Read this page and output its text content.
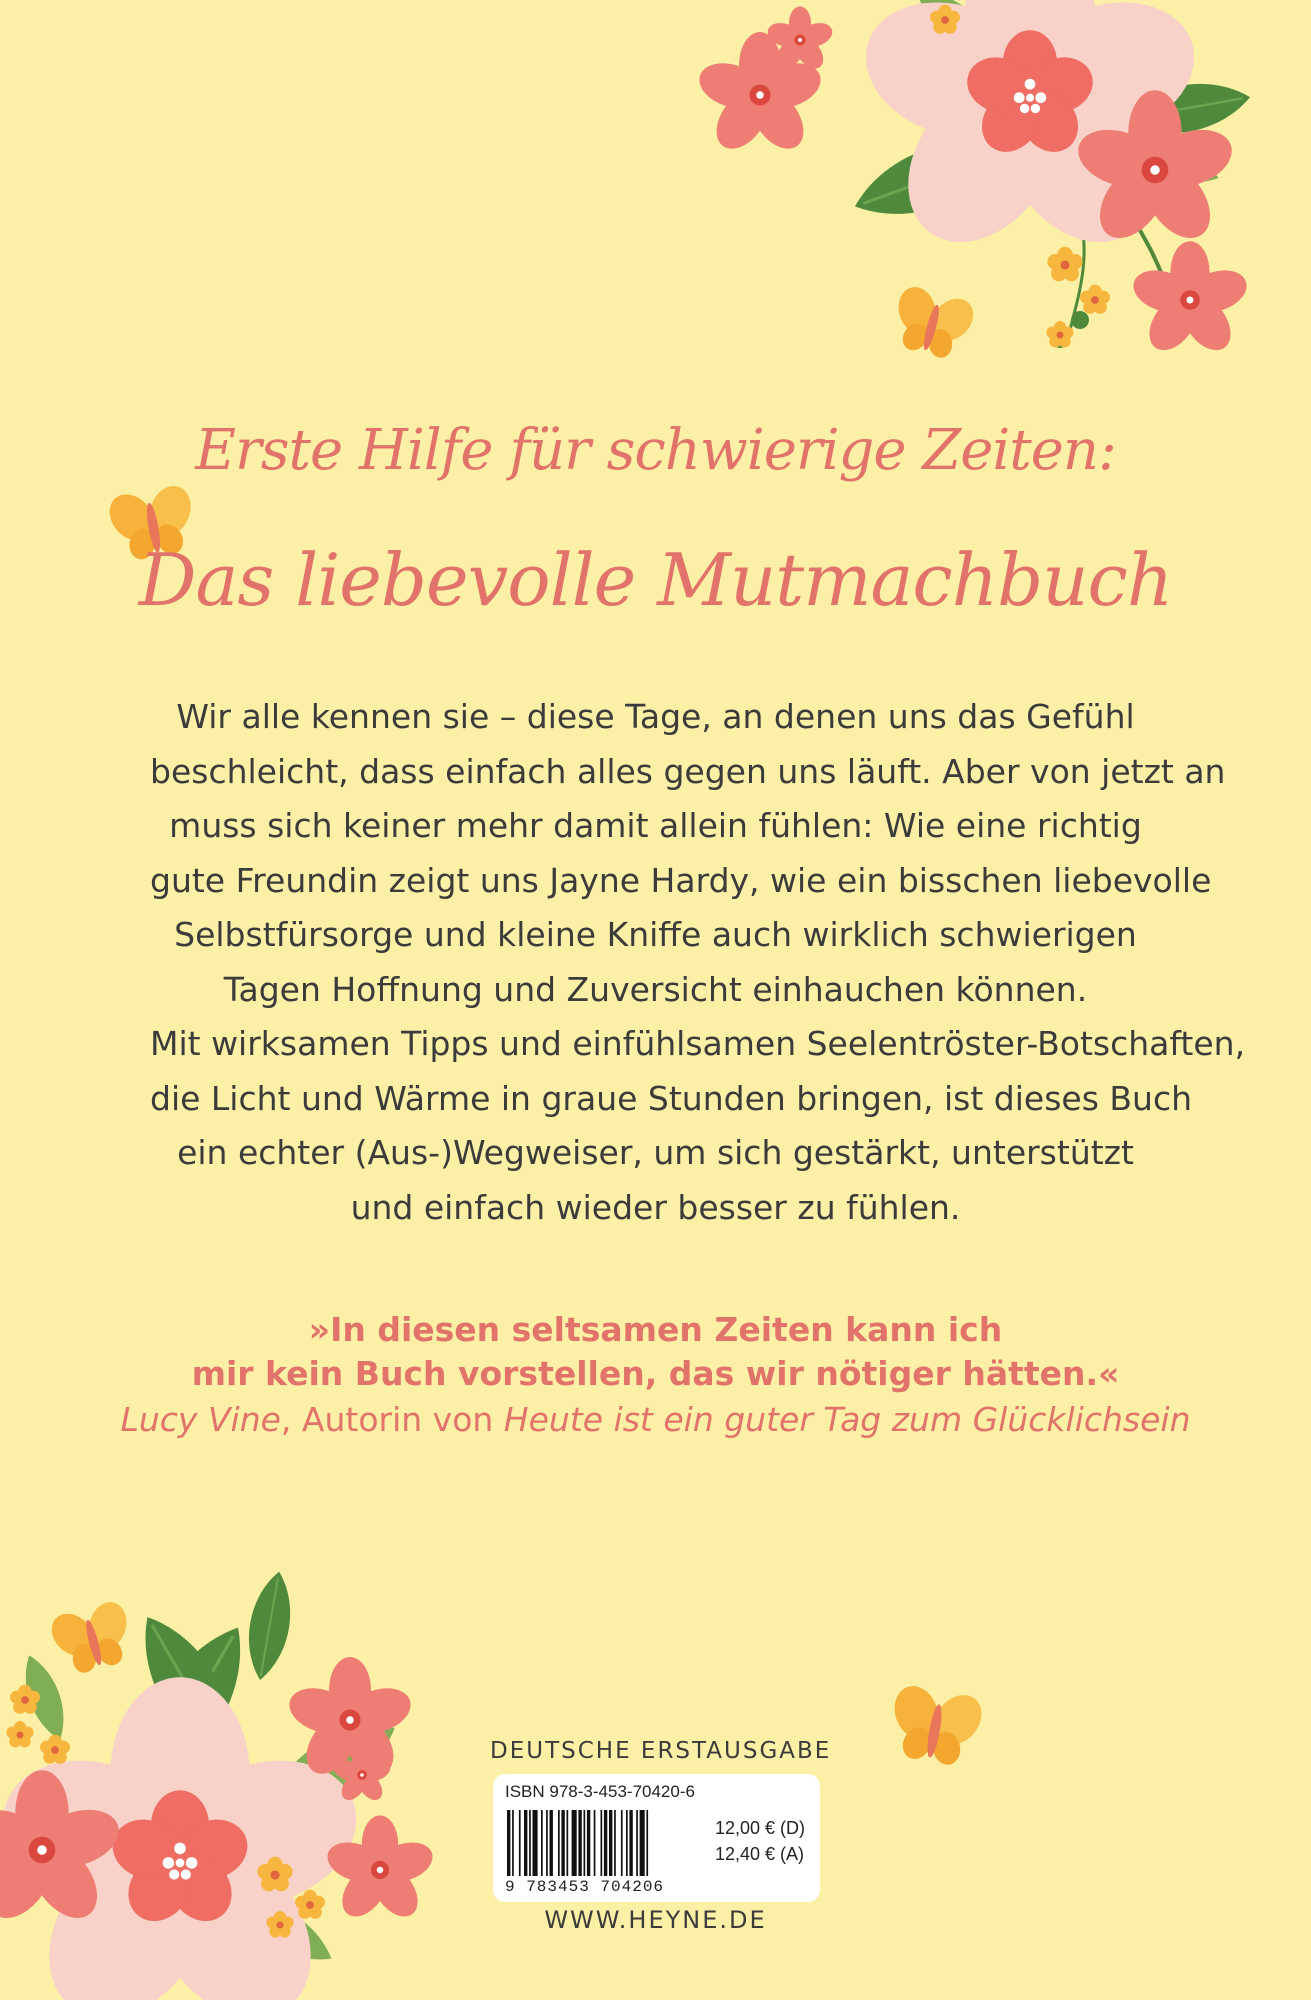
Erste Hilfe für schwierige Zeiten:
Das liebevolle Mutmachbuch

Wir alle kennen sie – diese Tage, an denen uns das Gefühl
beschleicht, dass einfach alles gegen uns läuft. Aber von jetzt an
muss sich keiner mehr damit allein fühlen: Wie eine richtig
gute Freundin zeigt uns Jayne Hardy, wie ein bisschen liebevolle
Selbstfürsorge und kleine Kniffe auch wirklich schwierigen
Tagen Hoffnung und Zuversicht einhauchen können.
Mit wirksamen Tipps und einfühlsamen Seelentröster-Botschaften,
die Licht und Wärme in graue Stunden bringen, ist dieses Buch
ein echter (Aus-)Wegweiser, um sich gestärkt, unterstützt
und einfach wieder besser zu fühlen.

»In diesen seltsamen Zeiten kann ich
mir kein Buch vorstellen, das wir nötiger hätten.«
Lucy Vine, Autorin von Heute ist ein guter Tag zum Glücklichsein
DEUTSCHE ERSTAUSGABE
ISBN 978-3-453-70420-6
9 783453 704206
12,00 € (D)
12,40 € (A)
WWW.HEYNE.DE
